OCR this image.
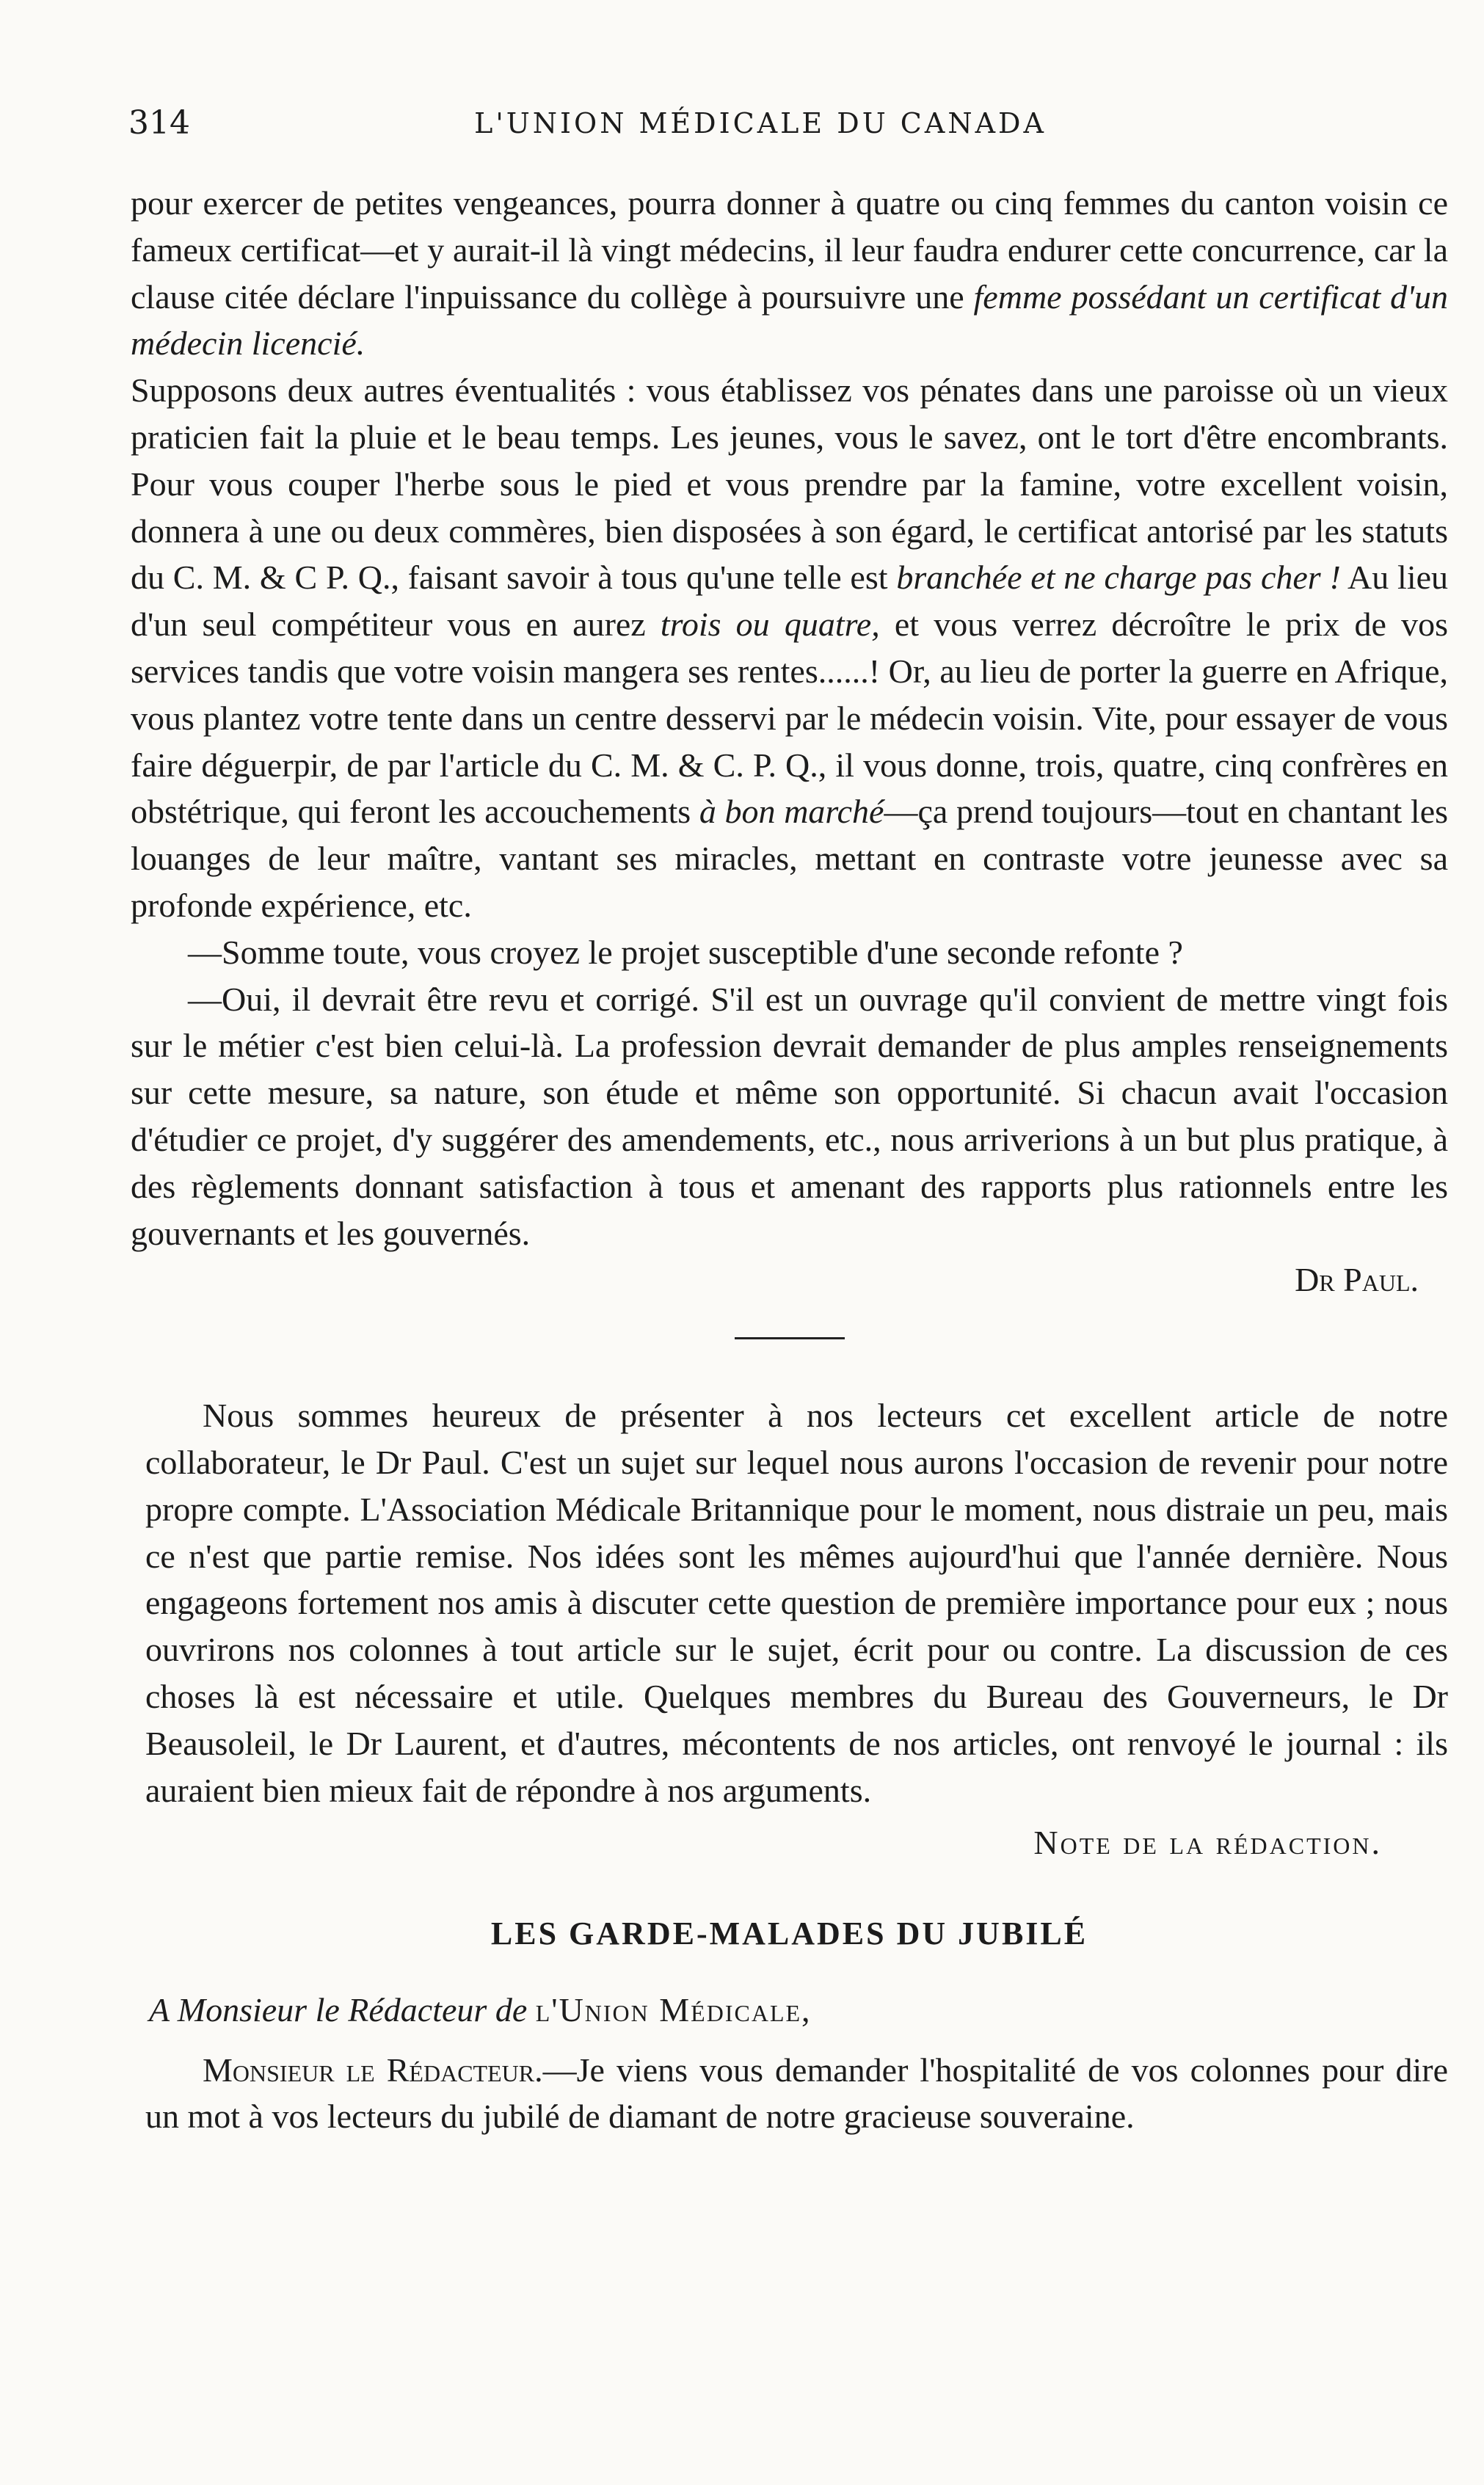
314	L'UNION MÉDICALE DU CANADA

pour exercer de petites vengeances, pourra donner à quatre ou cinq femmes du canton voisin ce fameux certificat—et y aurait-il là vingt médecins, il leur faudra endurer cette concurrence, car la clause citée déclare l'inpuissance du collège à poursuivre une femme possédant un certificat d'un médecin licencié.

Supposons deux autres éventualités : vous établissez vos pénates dans une paroisse où un vieux praticien fait la pluie et le beau temps. Les jeunes, vous le savez, ont le tort d'être encombrants. Pour vous couper l'herbe sous le pied et vous prendre par la famine, votre excellent voisin, donnera à une ou deux commères, bien disposées à son égard, le certificat antorisé par les statuts du C. M. & C P. Q., faisant savoir à tous qu'une telle est branchée et ne charge pas cher ! Au lieu d'un seul compétiteur vous en aurez trois ou quatre, et vous verrez décroître le prix de vos services tandis que votre voisin mangera ses rentes......! Or, au lieu de porter la guerre en Afrique, vous plantez votre tente dans un centre desservi par le médecin voisin. Vite, pour essayer de vous faire déguerpir, de par l'article du C. M. & C. P. Q., il vous donne, trois, quatre, cinq confrères en obstétrique, qui feront les accouchements à bon marché—ça prend toujours—tout en chantant les louanges de leur maître, vantant ses miracles, mettant en contraste votre jeunesse avec sa profonde expérience, etc.

—Somme toute, vous croyez le projet susceptible d'une seconde refonte ?

—Oui, il devrait être revu et corrigé. S'il est un ouvrage qu'il convient de mettre vingt fois sur le métier c'est bien celui-là. La profession devrait demander de plus amples renseignements sur cette mesure, sa nature, son étude et même son opportunité. Si chacun avait l'occasion d'étudier ce projet, d'y suggérer des amendements, etc., nous arriverions à un but plus pratique, à des règlements donnant satisfaction à tous et amenant des rapports plus rationnels entre les gouvernants et les gouvernés.

Dr Paul.

Nous sommes heureux de présenter à nos lecteurs cet excellent article de notre collaborateur, le Dr Paul. C'est un sujet sur lequel nous aurons l'occasion de revenir pour notre propre compte. L'Association Médicale Britannique pour le moment, nous distraie un peu, mais ce n'est que partie remise. Nos idées sont les mêmes aujourd'hui que l'année dernière. Nous engageons fortement nos amis à discuter cette question de première importance pour eux ; nous ouvrirons nos colonnes à tout article sur le sujet, écrit pour ou contre. La discussion de ces choses là est nécessaire et utile. Quelques membres du Bureau des Gouverneurs, le Dr Beausoleil, le Dr Laurent, et d'autres, mécontents de nos articles, ont renvoyé le journal : ils auraient bien mieux fait de répondre à nos arguments.

Note de la rédaction.

LES GARDE-MALADES DU JUBILÉ

A Monsieur le Rédacteur de l'Union Médicale,

Monsieur le Rédacteur.—Je viens vous demander l'hospitalité de vos colonnes pour dire un mot à vos lecteurs du jubilé de diamant de notre gracieuse souveraine.
